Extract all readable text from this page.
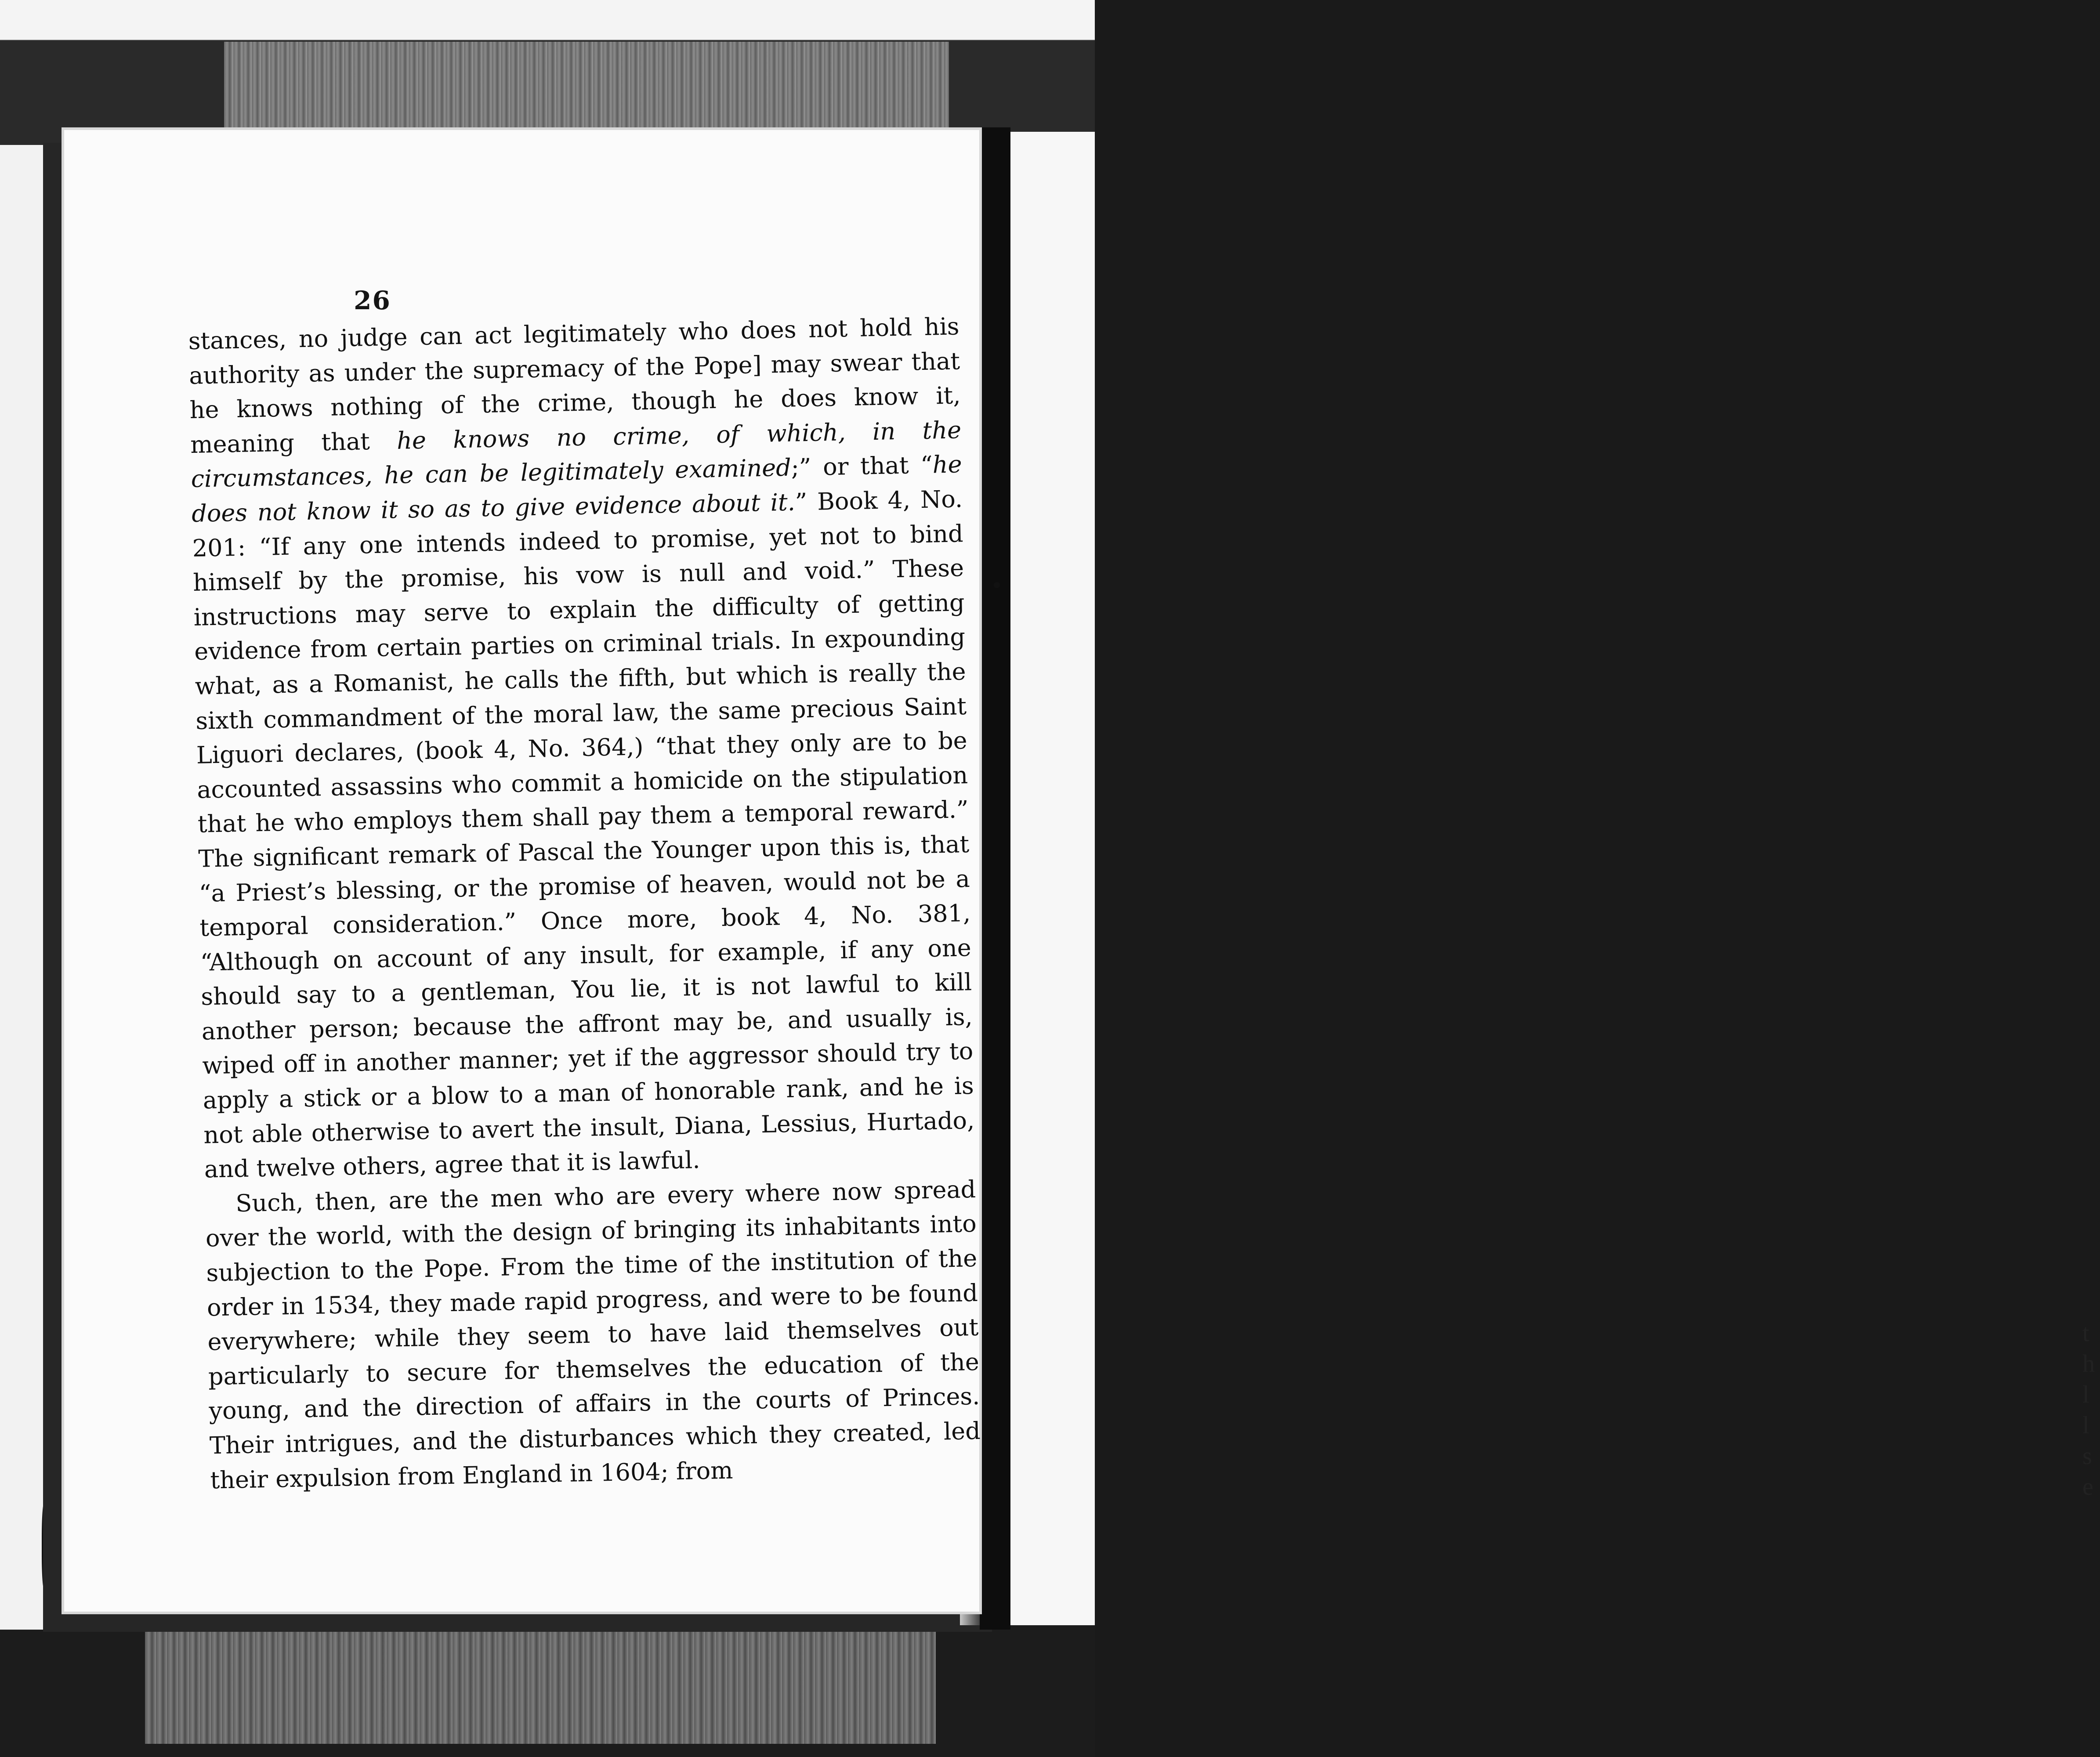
t
h
l
l
s
e
26

stances, no judge can act legitimately who does not hold his authority as under the supremacy of the Pope] may swear that he knows nothing of the crime, though he does know it, meaning that he knows no crime, of which, in the circumstances, he can be legitimately examined;” or that “he does not know it so as to give evidence about it.” Book 4, No. 201: “If any one intends indeed to promise, yet not to bind himself by the promise, his vow is null and void.” These instructions may serve to explain the difficulty of getting evidence from certain parties on criminal trials. In expounding what, as a Romanist, he calls the fifth, but which is really the sixth commandment of the moral law, the same precious Saint Liguori declares, (book 4, No. 364,) “that they only are to be accounted assassins who commit a homicide on the stipulation that he who employs them shall pay them a temporal reward.” The significant remark of Pascal the Younger upon this is, that “a Priest’s blessing, or the promise of heaven, would not be a temporal consideration.” Once more, book 4, No. 381, “Although on account of any insult, for example, if any one should say to a gentleman, You lie, it is not lawful to kill another person; because the affront may be, and usually is, wiped off in another manner; yet if the aggressor should try to apply a stick or a blow to a man of honorable rank, and he is not able otherwise to avert the insult, Diana, Lessius, Hurtado, and twelve others, agree that it is lawful.

Such, then, are the men who are every where now spread over the world, with the design of bringing its inhabitants into subjection to the Pope. From the time of the institution of the order in 1534, they made rapid progress, and were to be found everywhere; while they seem to have laid themselves out particularly to secure for themselves the education of the young, and the direction of affairs in the courts of Princes. Their intrigues, and the disturbances which they created, led their expulsion from England in 1604; from
